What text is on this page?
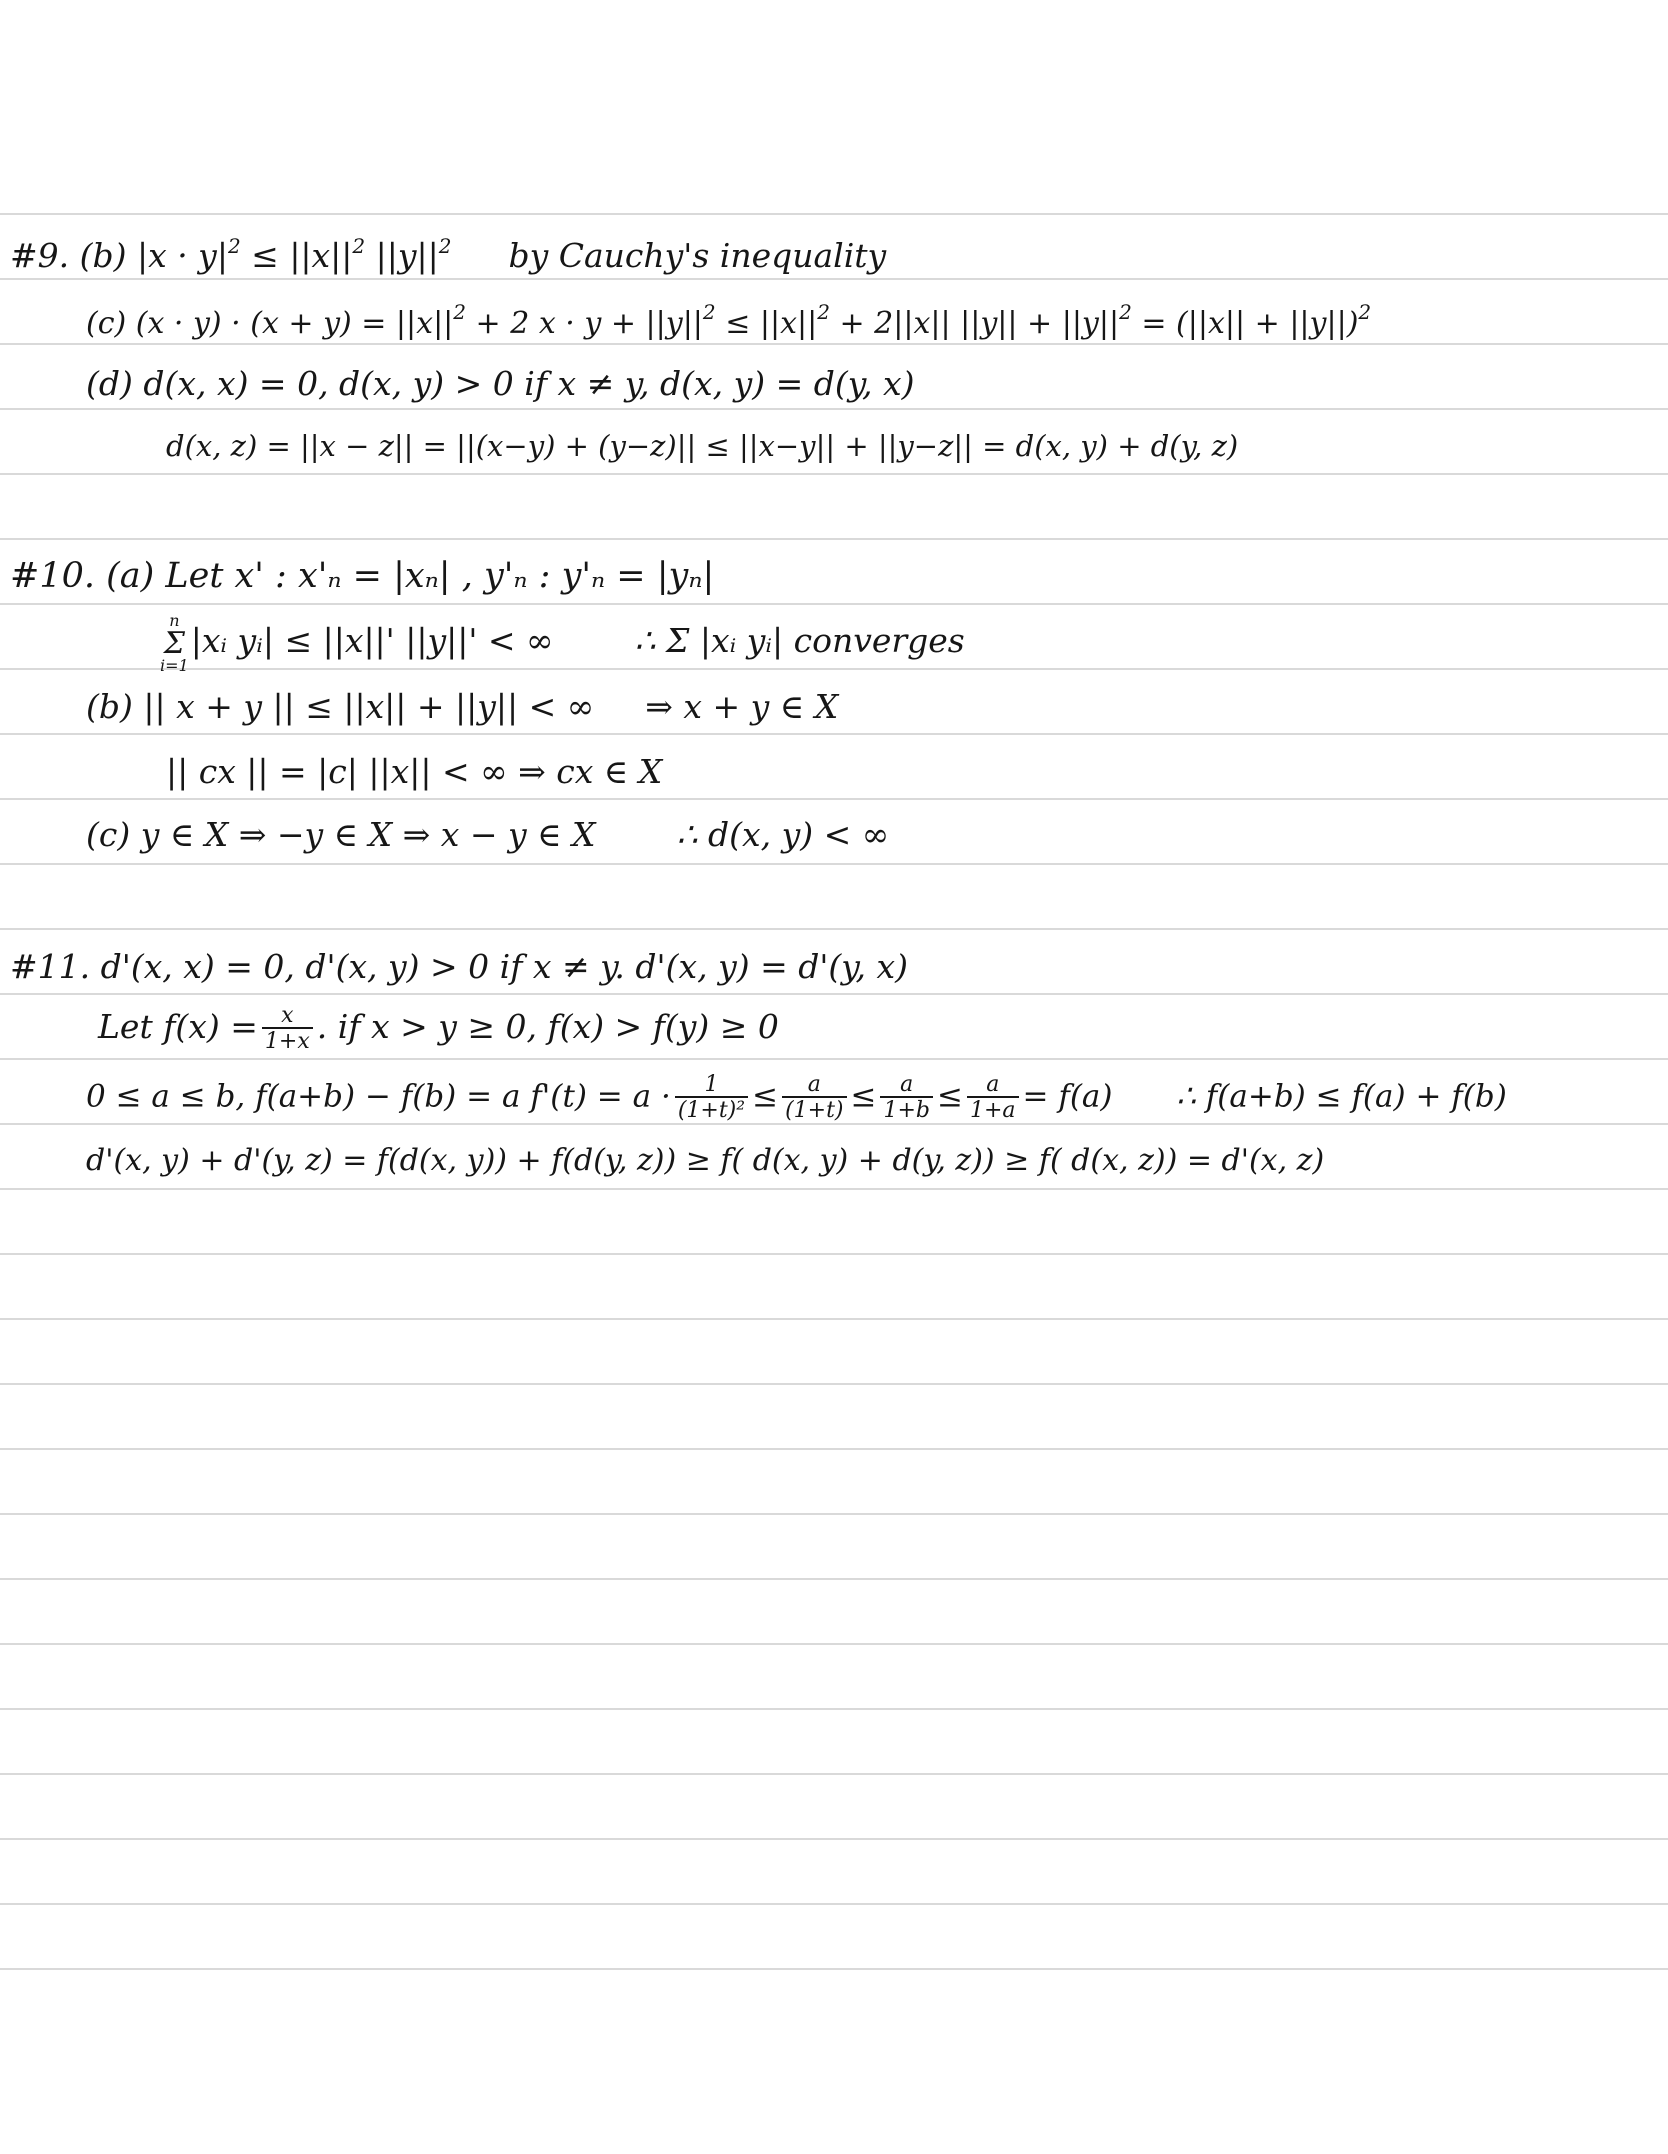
#9. (b) $|x \cdot y|^2 \le ||x||^2$ $||y||^2$ by Cauchy's inequality
(c) $(x \cdot y) \cdot (x + y) = ||x||^2 + 2$ $x \cdot y + ||y||^2 \le ||x||^2 + 2||x||$ $||y|| + ||y||^2 = (||x|| + ||y||)^2$
(d) d(x, x) = 0, d(x, y) > 0 if x ≠ y, d(x, y) = d(y, x)
d(x, z) = ||x − z|| = ||(x−y) + (y−z)|| ≤ ||x−y|| + ||y−z|| = d(x, y) + d(y, z)
#10. (a) Let x' : x'ₙ = |xₙ| , y'ₙ : y'ₙ = |yₙ|
n
Σ
i=1
|xᵢ yᵢ| ≤ ||x||' ||y||' < ∞ ∴ Σ |xᵢ yᵢ| converges
(b) || x + y || ≤ ||x|| + ||y|| < ∞ ⇒ x + y ∈ X
|| cx || = |c| ||x|| < ∞ ⇒ cx ∈ X
(c) y ∈ X ⇒ −y ∈ X ⇒ x − y ∈ X ∴ d(x, y) < ∞
#11. d'(x, x) = 0, d'(x, y) > 0 if x ≠ y. d'(x, y) = d'(y, x)
Let $f(x) = \frac{x}{1+x}$ . if x > y ≥ 0, f(x) > f(y) ≥ 0
0 ≤ a ≤ b, f(a+b) − f(b) = a $f'(t) = a \cdot \frac{1}{\text{(1+t)²}} \le \frac{a}{(1+t)} \le \frac{a}{1+b} \le \frac{a}{1+a} = f(a)$ ∴ f(a+b) ≤ f(a) + f(b)
d'(x, y) + d'(y, z) = f(d(x, y)) + f(d(y, z)) ≥ f( d(x, y) + d(y, z)) ≥ f( d(x, z)) = d'(x, z)
